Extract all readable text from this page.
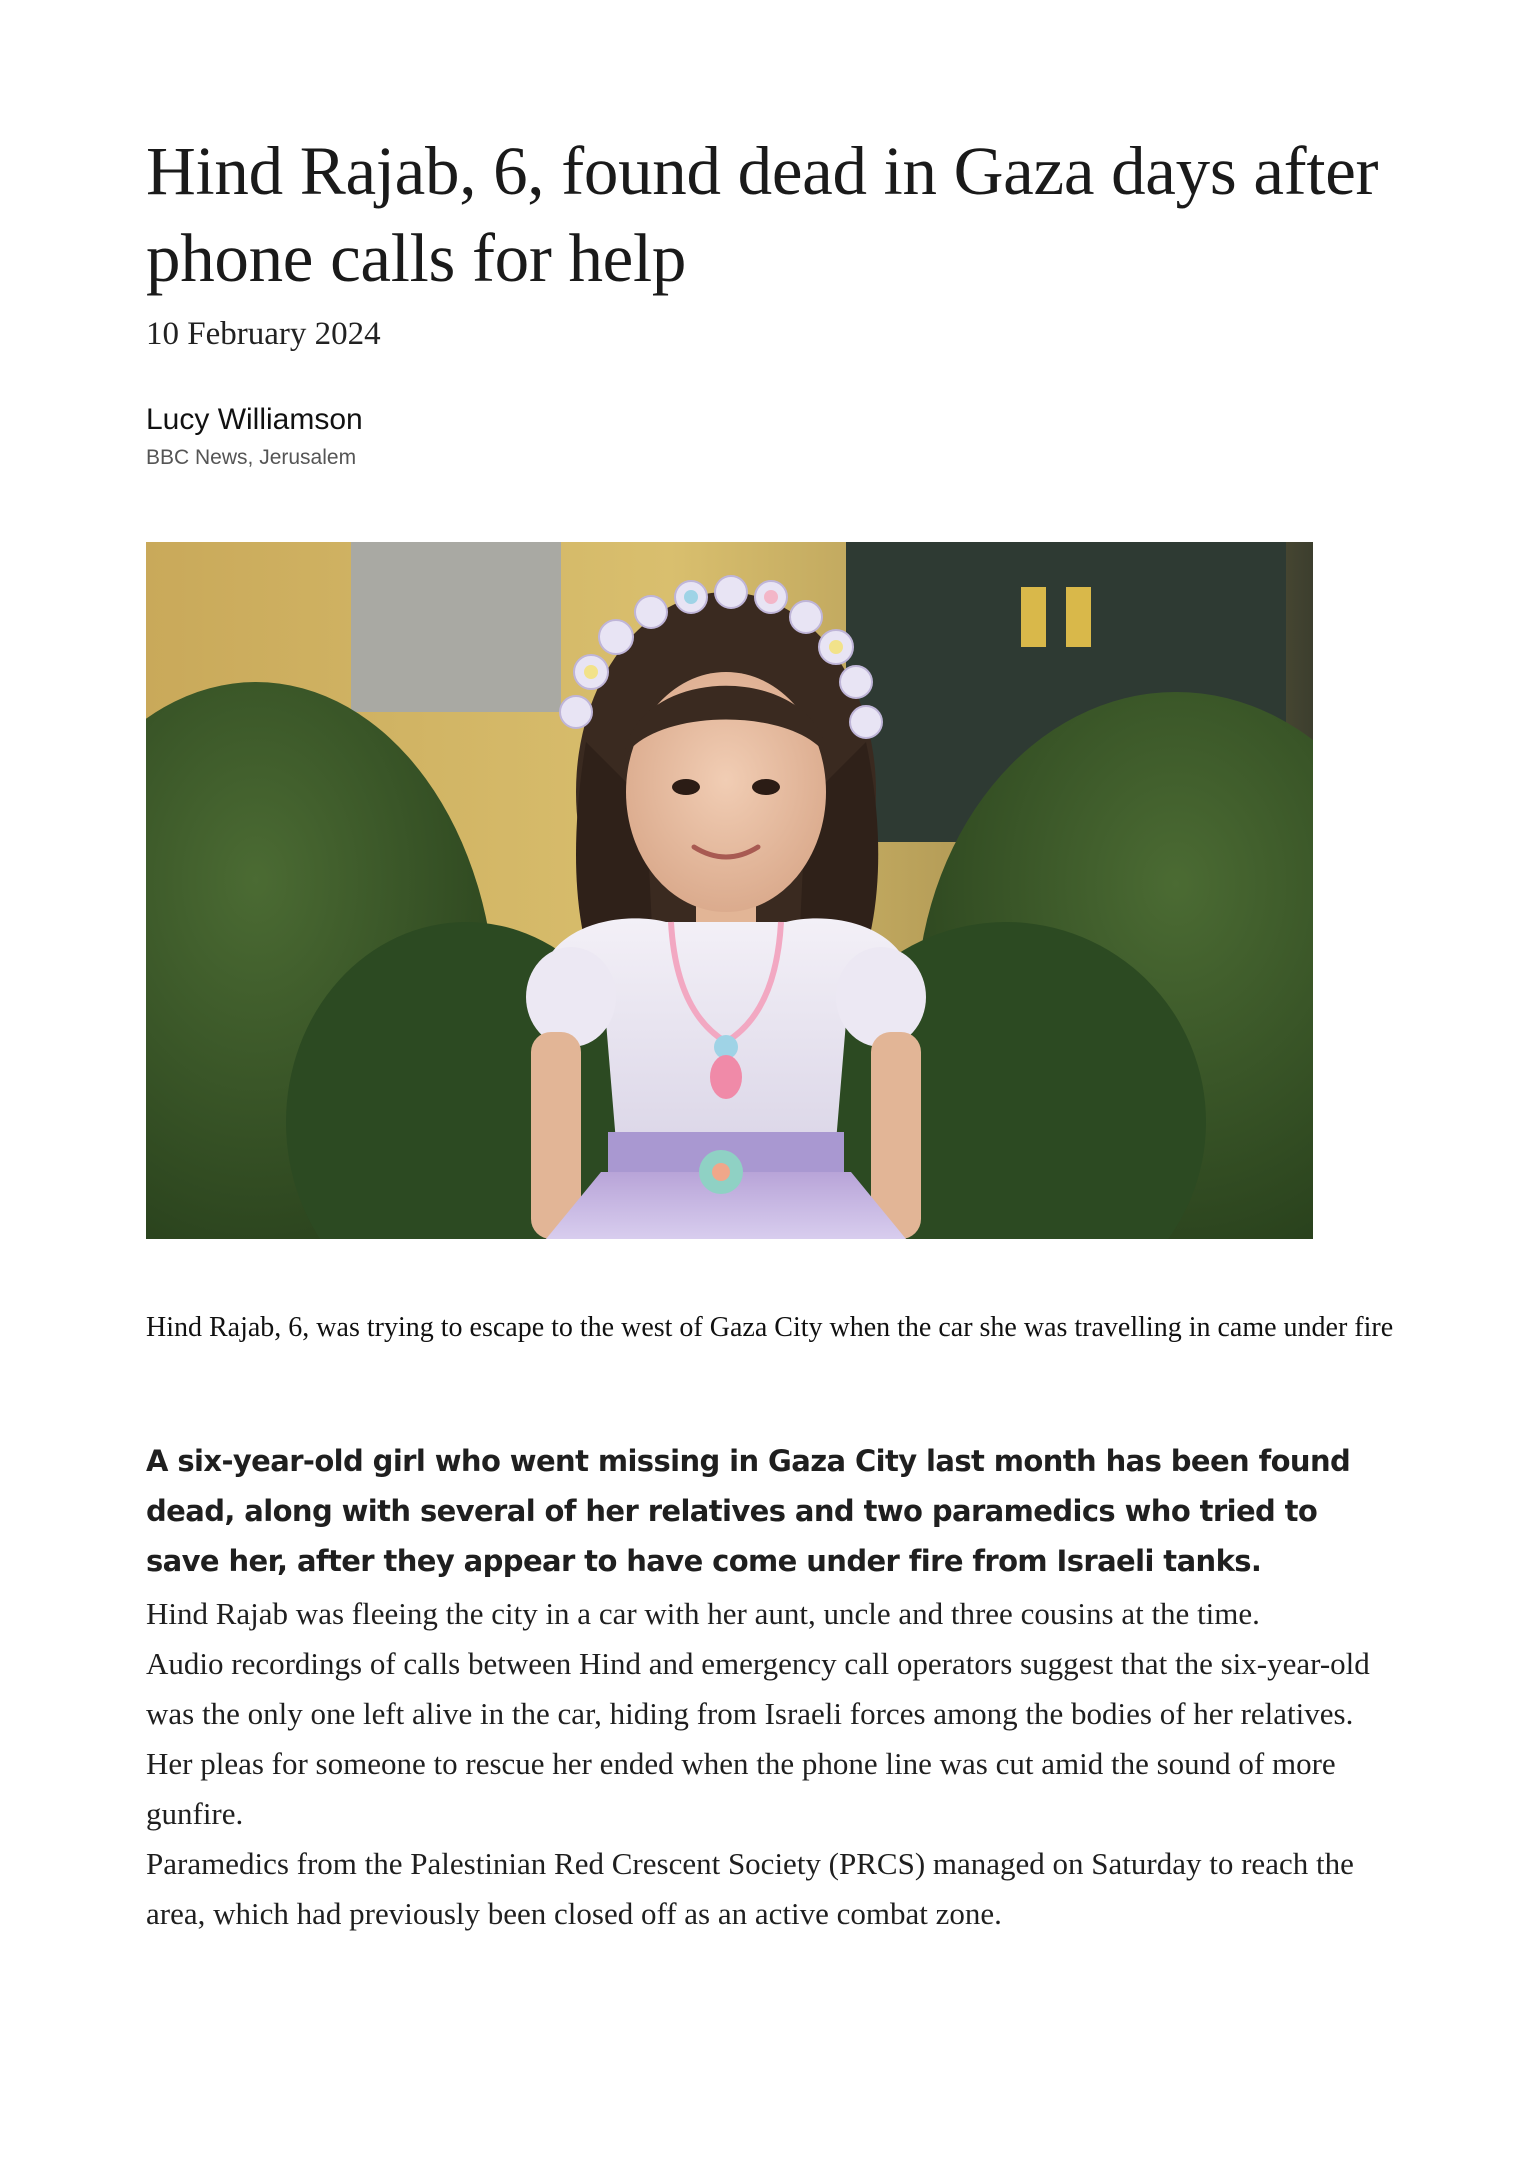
Hind Rajab, 6, found dead in Gaza days after phone calls for help
10 February 2024
Lucy Williamson
BBC News, Jerusalem
Hind Rajab, 6, was trying to escape to the west of Gaza City when the car she was travelling in came under fire
A six-year-old girl who went missing in Gaza City last month has been found dead, along with several of her relatives and two paramedics who tried to save her, after they appear to have come under fire from Israeli tanks.

Hind Rajab was fleeing the city in a car with her aunt, uncle and three cousins at the time.

Audio recordings of calls between Hind and emergency call operators suggest that the six-year-old was the only one left alive in the car, hiding from Israeli forces among the bodies of her relatives.

Her pleas for someone to rescue her ended when the phone line was cut amid the sound of more gunfire.

Paramedics from the Palestinian Red Crescent Society (PRCS) managed on Saturday to reach the area, which had previously been closed off as an active combat zone.
